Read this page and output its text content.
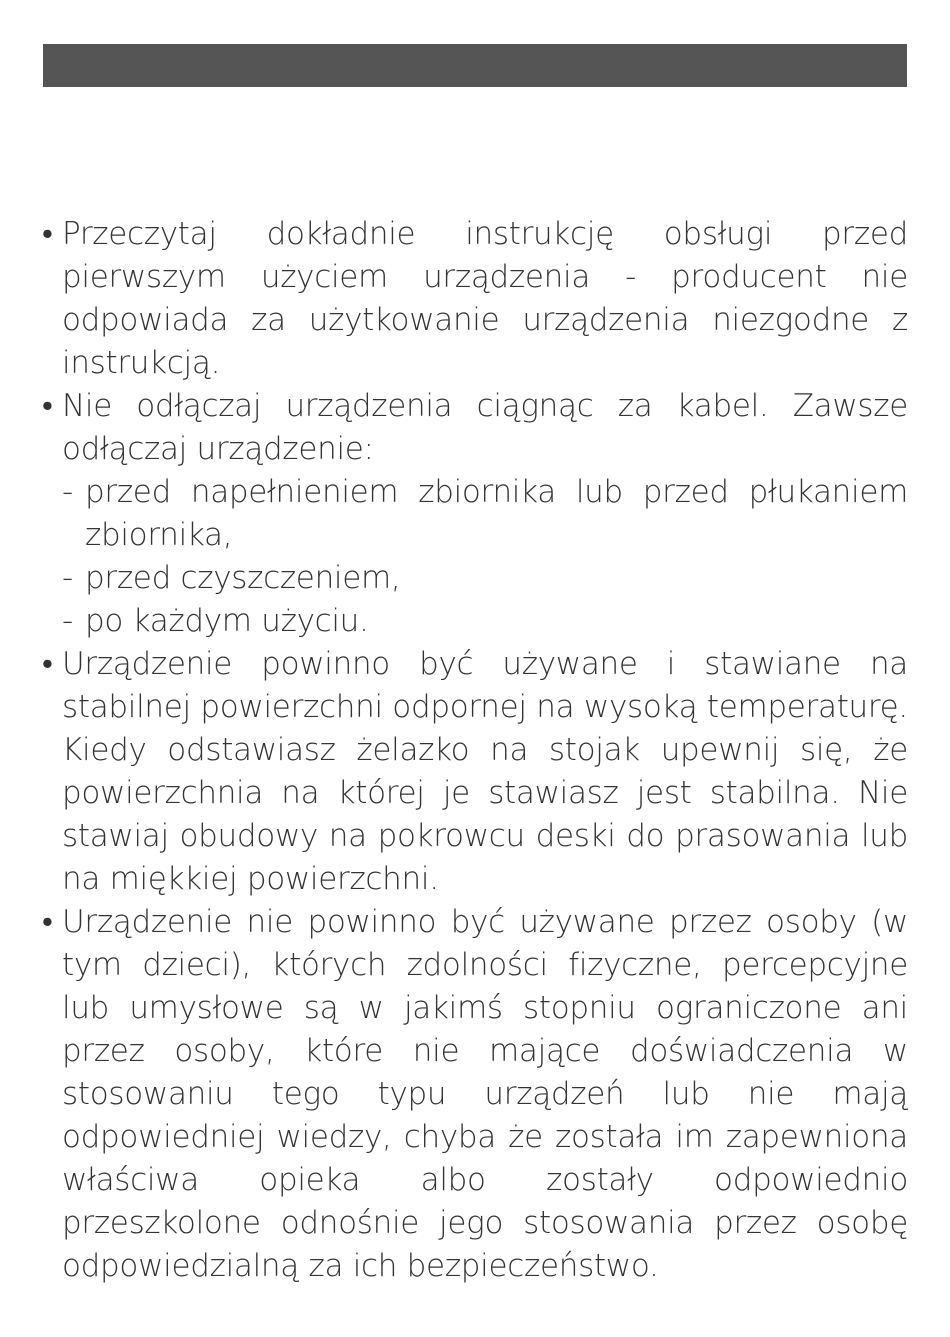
• Przeczytaj dokładnie instrukcję obsługi przed pierwszym użyciem urządzenia - producent nie odpowiada za użytkowanie urządzenia niezgodne z instrukcją.
• Nie odłączaj urządzenia ciągnąc za kabel. Zawsze odłączaj urządzenie:
- przed napełnieniem zbiornika lub przed płukaniem zbiornika,
- przed czyszczeniem,
- po każdym użyciu.
• Urządzenie powinno być używane i stawiane na stabilnej powierzchni odpornej na wysoką temperaturę. Kiedy odstawiasz żelazko na stojak upewnij się, że powierzchnia na której je stawiasz jest stabilna. Nie stawiaj obudowy na pokrowcu deski do prasowania lub na miękkiej powierzchni.
• Urządzenie nie powinno być używane przez osoby (w tym dzieci), których zdolności fizyczne, percepcyjne lub umysłowe są w jakimś stopniu ograniczone ani przez osoby, które nie mające doświadczenia w stosowaniu tego typu urządzeń lub nie mają odpowiedniej wiedzy, chyba że została im zapewniona właściwa opieka albo zostały odpowiednio przeszkolone odnośnie jego stosowania przez osobę odpowiedzialną za ich bezpieczeństwo.
